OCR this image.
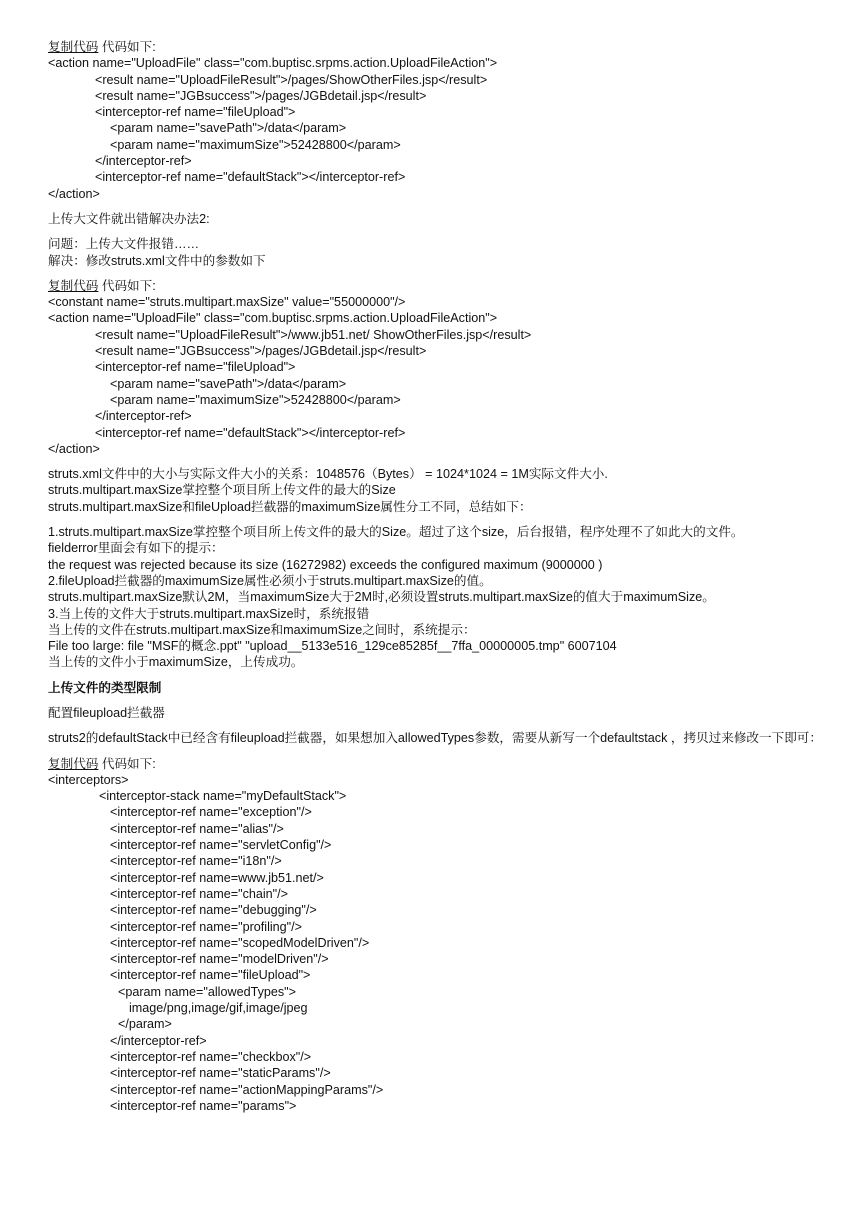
复制代码 代码如下:
<action name="UploadFile" class="com.buptisc.srpms.action.UploadFileAction">
<result name="UploadFileResult">/pages/ShowOtherFiles.jsp</result>
<result name="JGBsuccess">/pages/JGBdetail.jsp</result>
<interceptor-ref name="fileUpload">
<param name="savePath">/data</param>
<param name="maximumSize">52428800</param>
</interceptor-ref>
<interceptor-ref name="defaultStack"></interceptor-ref>
</action>
上传大文件就出错解决办法2:
问题：上传大文件报错……
解决：修改struts.xml文件中的参数如下
复制代码 代码如下:
<constant name="struts.multipart.maxSize" value="55000000"/>
<action name="UploadFile" class="com.buptisc.srpms.action.UploadFileAction">
<result name="UploadFileResult">/www.jb51.net/ ShowOtherFiles.jsp</result>
<result name="JGBsuccess">/pages/JGBdetail.jsp</result>
<interceptor-ref name="fileUpload">
<param name="savePath">/data</param>
<param name="maximumSize">52428800</param>
</interceptor-ref>
<interceptor-ref name="defaultStack"></interceptor-ref>
</action>
struts.xml文件中的大小与实际文件大小的关系：1048576（Bytes） = 1024*1024 = 1M实际文件大小.
struts.multipart.maxSize掌控整个项目所上传文件的最大的Size
struts.multipart.maxSize和fileUpload拦截器的maximumSize属性分工不同，总结如下：
1.struts.multipart.maxSize掌控整个项目所上传文件的最大的Size。超过了这个size，后台报错，程序处理不了如此大的文件。
fielderror里面会有如下的提示：
the request was rejected because its size (16272982) exceeds the configured maximum (9000000 )
2.fileUpload拦截器的maximumSize属性必须小于struts.multipart.maxSize的值。
struts.multipart.maxSize默认2M，当maximumSize大于2M时,必须设置struts.multipart.maxSize的值大于maximumSize。
3.当上传的文件大于struts.multipart.maxSize时，系统报错
当上传的文件在struts.multipart.maxSize和maximumSize之间时，系统提示：
File too large: file "MSF的概念.ppt" "upload__5133e516_129ce85285f__7ffa_00000005.tmp" 6007104
当上传的文件小于maximumSize，上传成功。
上传文件的类型限制
配置fileupload拦截器
struts2的defaultStack中已经含有fileupload拦截器，如果想加入allowedTypes参数，需要从新写一个defaultstack ，拷贝过来修改一下即可：
复制代码 代码如下:
<interceptors>
<interceptor-stack name="myDefaultStack">
<interceptor-ref name="exception"/>
<interceptor-ref name="alias"/>
<interceptor-ref name="servletConfig"/>
<interceptor-ref name="i18n"/>
<interceptor-ref name=www.jb51.net/>
<interceptor-ref name="chain"/>
<interceptor-ref name="debugging"/>
<interceptor-ref name="profiling"/>
<interceptor-ref name="scopedModelDriven"/>
<interceptor-ref name="modelDriven"/>
<interceptor-ref name="fileUpload">
<param name="allowedTypes">
image/png,image/gif,image/jpeg
</param>
</interceptor-ref>
<interceptor-ref name="checkbox"/>
<interceptor-ref name="staticParams"/>
<interceptor-ref name="actionMappingParams"/>
<interceptor-ref name="params">
